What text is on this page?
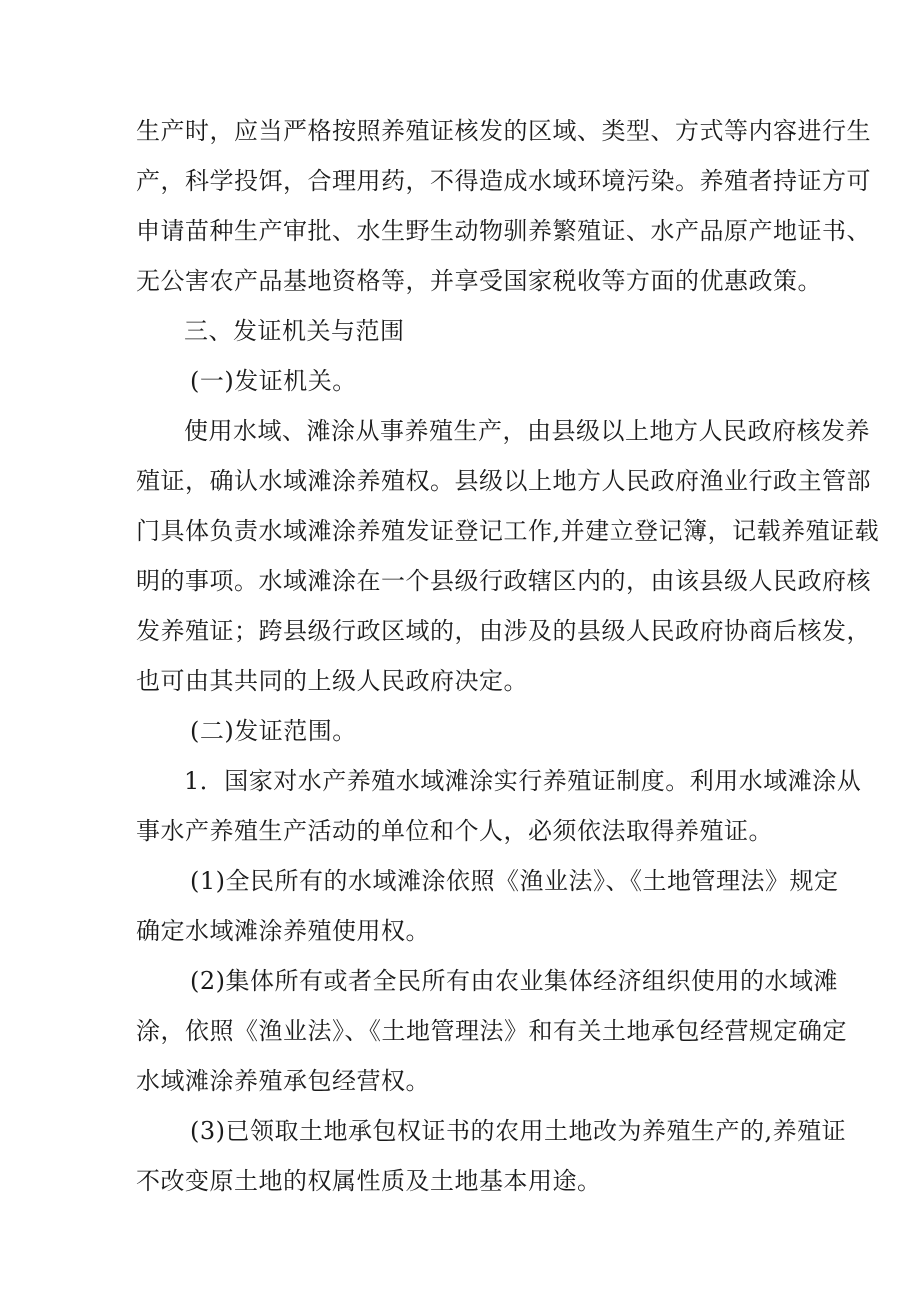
生产时，应当严格按照养殖证核发的区域、类型、方式等内容进行生
产，科学投饵，合理用药，不得造成水域环境污染。养殖者持证方可
申请苗种生产审批、水生野生动物驯养繁殖证、水产品原产地证书、
无公害农产品基地资格等，并享受国家税收等方面的优惠政策。
三、发证机关与范围
(一)发证机关。
使用水域、滩涂从事养殖生产，由县级以上地方人民政府核发养
殖证，确认水域滩涂养殖权。县级以上地方人民政府渔业行政主管部
门具体负责水域滩涂养殖发证登记工作,并建立登记簿，记载养殖证载
明的事项。水域滩涂在一个县级行政辖区内的，由该县级人民政府核
发养殖证；跨县级行政区域的，由涉及的县级人民政府协商后核发，
也可由其共同的上级人民政府决定。
(二)发证范围。
1．国家对水产养殖水域滩涂实行养殖证制度。利用水域滩涂从
事水产养殖生产活动的单位和个人，必须依法取得养殖证。
(1)全民所有的水域滩涂依照《渔业法》、《土地管理法》规定
确定水域滩涂养殖使用权。
(2)集体所有或者全民所有由农业集体经济组织使用的水域滩
涂，依照《渔业法》、《土地管理法》和有关土地承包经营规定确定
水域滩涂养殖承包经营权。
(3)已领取土地承包权证书的农用土地改为养殖生产的,养殖证
不改变原土地的权属性质及土地基本用途。
